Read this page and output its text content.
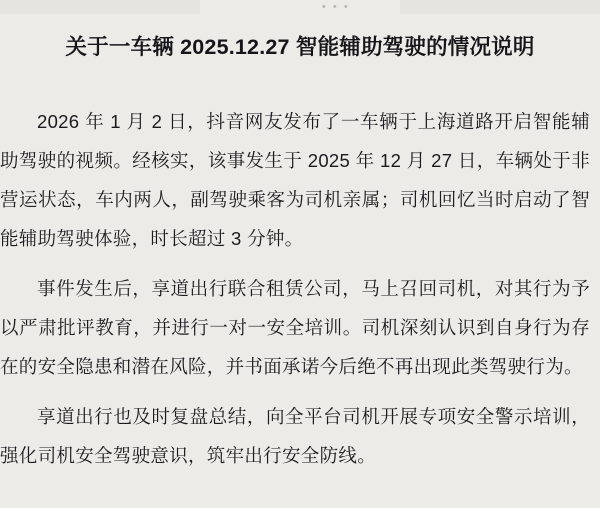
• • •
关于一车辆 2025.12.27 智能辅助驾驶的情况说明

2026 年 1 月 2 日，抖音网友发布了一车辆于上海道路开启智能辅助驾驶的视频。经核实，该事发生于 2025 年 12 月 27 日，车辆处于非营运状态，车内两人，副驾驶乘客为司机亲属；司机回忆当时启动了智能辅助驾驶体验，时长超过 3 分钟。

事件发生后，享道出行联合租赁公司，马上召回司机，对其行为予以严肃批评教育，并进行一对一安全培训。司机深刻认识到自身行为存在的安全隐患和潜在风险，并书面承诺今后绝不再出现此类驾驶行为。

享道出行也及时复盘总结，向全平台司机开展专项安全警示培训，强化司机安全驾驶意识，筑牢出行安全防线。
